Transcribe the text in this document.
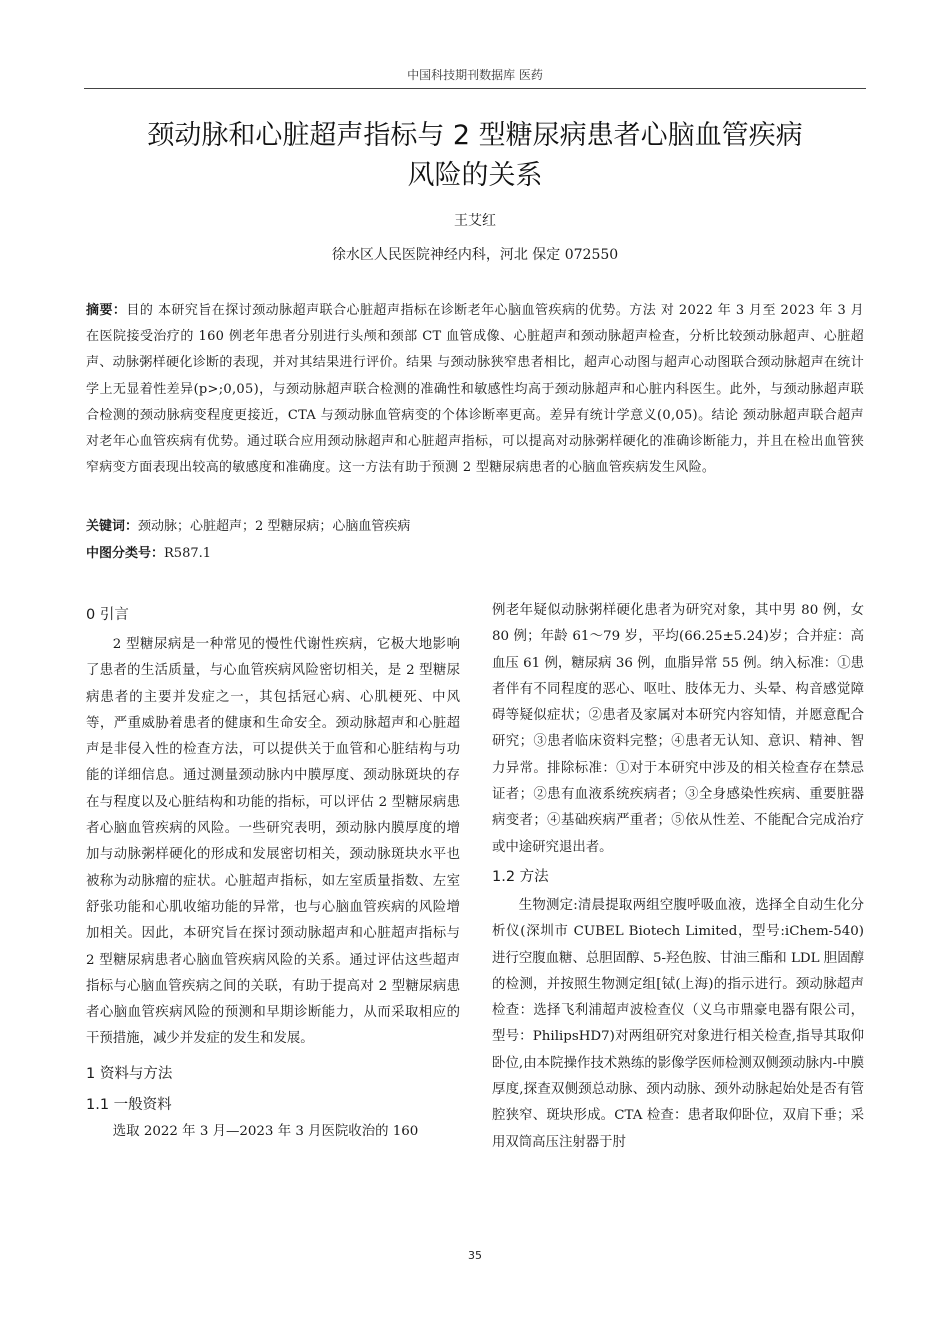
中国科技期刊数据库 医药
颈动脉和心脏超声指标与 2 型糖尿病患者心脑血管疾病
风险的关系
王艾红
徐水区人民医院神经内科，河北 保定 072550
摘要：目的 本研究旨在探讨颈动脉超声联合心脏超声指标在诊断老年心脑血管疾病的优势。方法 对 2022 年 3 月至 2023 年 3 月在医院接受治疗的 160 例老年患者分别进行头颅和颈部 CT 血管成像、心脏超声和颈动脉超声检查，分析比较颈动脉超声、心脏超声、动脉粥样硬化诊断的表现，并对其结果进行评价。结果 与颈动脉狭窄患者相比，超声心动图与超声心动图联合颈动脉超声在统计学上无显着性差异(p>;0,05)，与颈动脉超声联合检测的准确性和敏感性均高于颈动脉超声和心脏内科医生。此外，与颈动脉超声联合检测的颈动脉病变程度更接近，CTA 与颈动脉血管病变的个体诊断率更高。差异有统计学意义(0,05)。结论 颈动脉超声联合超声对老年心血管疾病有优势。通过联合应用颈动脉超声和心脏超声指标，可以提高对动脉粥样硬化的准确诊断能力，并且在检出血管狭窄病变方面表现出较高的敏感度和准确度。这一方法有助于预测 2 型糖尿病患者的心脑血管疾病发生风险。
关键词：颈动脉；心脏超声；2 型糖尿病；心脑血管疾病
中图分类号：R587.1

0 引言

2 型糖尿病是一种常见的慢性代谢性疾病，它极大地影响了患者的生活质量，与心血管疾病风险密切相关，是 2 型糖尿病患者的主要并发症之一，其包括冠心病、心肌梗死、中风等，严重威胁着患者的健康和生命安全。颈动脉超声和心脏超声是非侵入性的检查方法，可以提供关于血管和心脏结构与功能的详细信息。通过测量颈动脉内中膜厚度、颈动脉斑块的存在与程度以及心脏结构和功能的指标，可以评估 2 型糖尿病患者心脑血管疾病的风险。一些研究表明，颈动脉内膜厚度的增加与动脉粥样硬化的形成和发展密切相关，颈动脉斑块水平也被称为动脉瘤的症状。心脏超声指标，如左室质量指数、左室舒张功能和心肌收缩功能的异常，也与心脑血管疾病的风险增加相关。因此，本研究旨在探讨颈动脉超声和心脏超声指标与 2 型糖尿病患者心脑血管疾病风险的关系。通过评估这些超声指标与心脑血管疾病之间的关联，有助于提高对 2 型糖尿病患者心脑血管疾病风险的预测和早期诊断能力，从而采取相应的干预措施，减少并发症的发生和发展。

1 资料与方法

1.1 一般资料

选取 2022 年 3 月—2023 年 3 月医院收治的 160

例老年疑似动脉粥样硬化患者为研究对象，其中男 80 例，女 80 例；年龄 61～79 岁，平均(66.25±5.24)岁；合并症：高血压 61 例，糖尿病 36 例，血脂异常 55 例。纳入标准：①患者伴有不同程度的恶心、呕吐、肢体无力、头晕、构音感觉障碍等疑似症状；②患者及家属对本研究内容知情，并愿意配合研究；③患者临床资料完整；④患者无认知、意识、精神、智力异常。排除标准：①对于本研究中涉及的相关检查存在禁忌证者；②患有血液系统疾病者；③全身感染性疾病、重要脏器病变者；④基础疾病严重者；⑤依从性差、不能配合完成治疗或中途研究退出者。

1.2 方法

生物测定:清晨提取两组空腹呼吸血液，选择全自动生化分析仪(深圳市 CUBEL Biotech Limited，型号:iChem-540)进行空腹血糖、总胆固醇、5-羟色胺、甘油三酯和 LDL 胆固醇的检测，并按照生物测定组[铽(上海)的指示进行。颈动脉超声检查：选择飞利浦超声波检查仪（义乌市鼎豪电器有限公司，型号：PhilipsHD7)对两组研究对象进行相关检查,指导其取仰卧位,由本院操作技术熟练的影像学医师检测双侧颈动脉内-中膜厚度,探查双侧颈总动脉、颈内动脉、颈外动脉起始处是否有管腔狭窄、斑块形成。CTA 检查：患者取仰卧位，双肩下垂；采用双筒高压注射器于肘

35
